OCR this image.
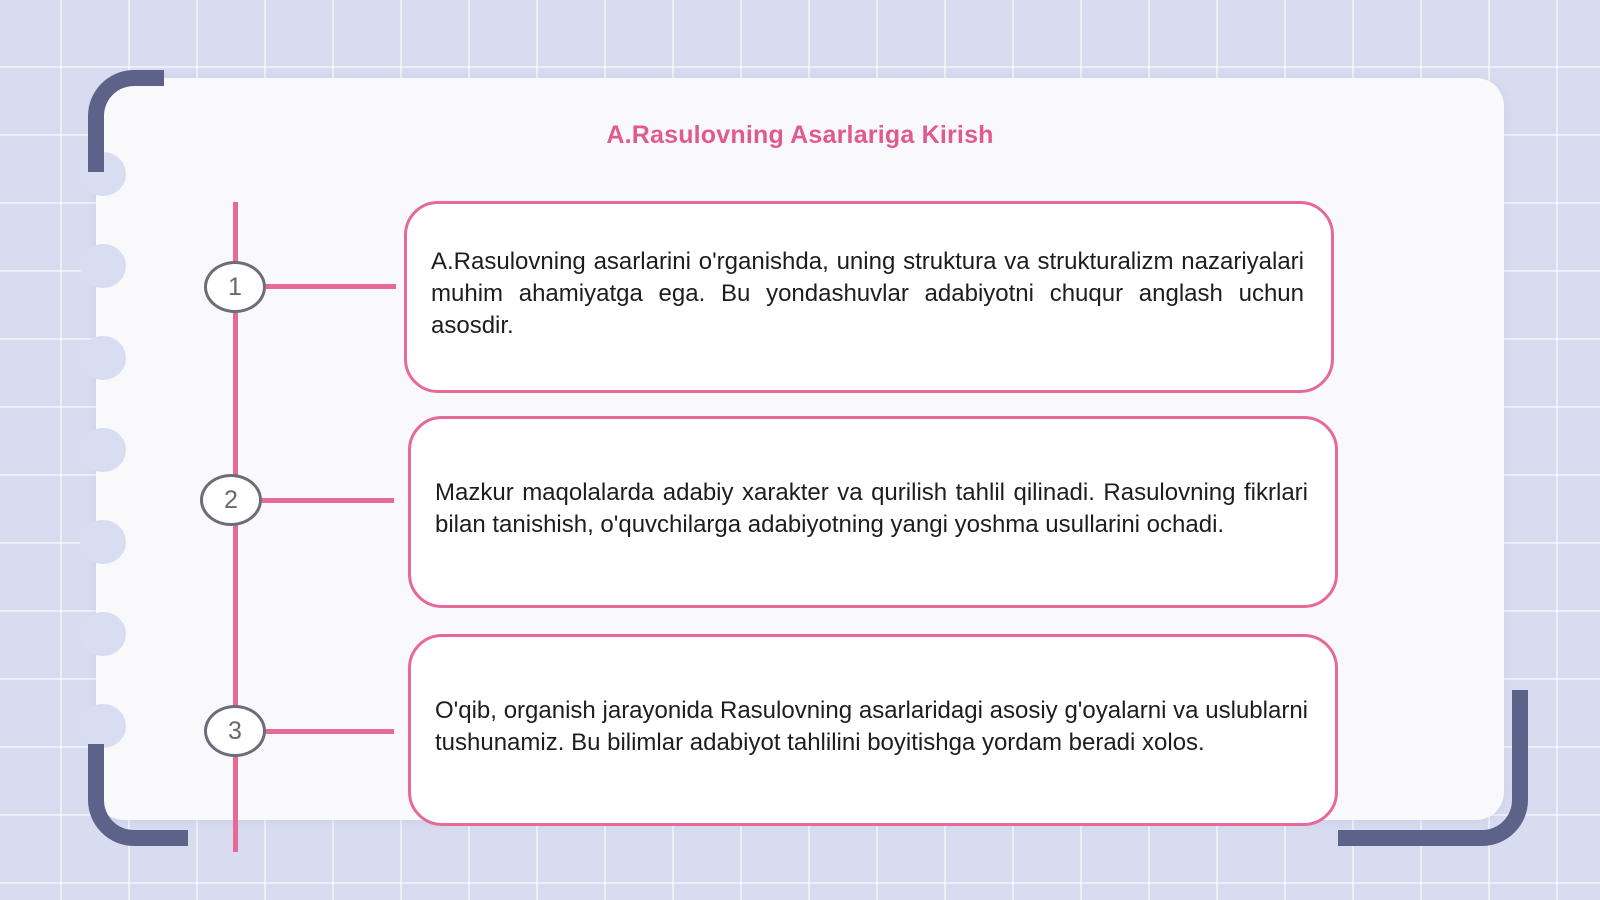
A.Rasulovning Asarlariga Kirish
1

A.Rasulovning asarlarini o'rganishda, uning struktura va strukturalizm nazariyalari muhim ahamiyatga ega. Bu yondashuvlar adabiyotni chuqur anglash uchun asosdir.

2	Mazkur maqolalarda adabiy xarakter va qurilish tahlil qilinadi. Rasulovning fikrlari bilan tanishish, o'quvchilarga adabiyotning yangi yoshma usullarini ochadi.

3

O'qib, organish jarayonida Rasulovning asarlaridagi asosiy g'oyalarni va uslublarni tushunamiz. Bu bilimlar adabiyot tahlilini boyitishga yordam beradi xolos.
